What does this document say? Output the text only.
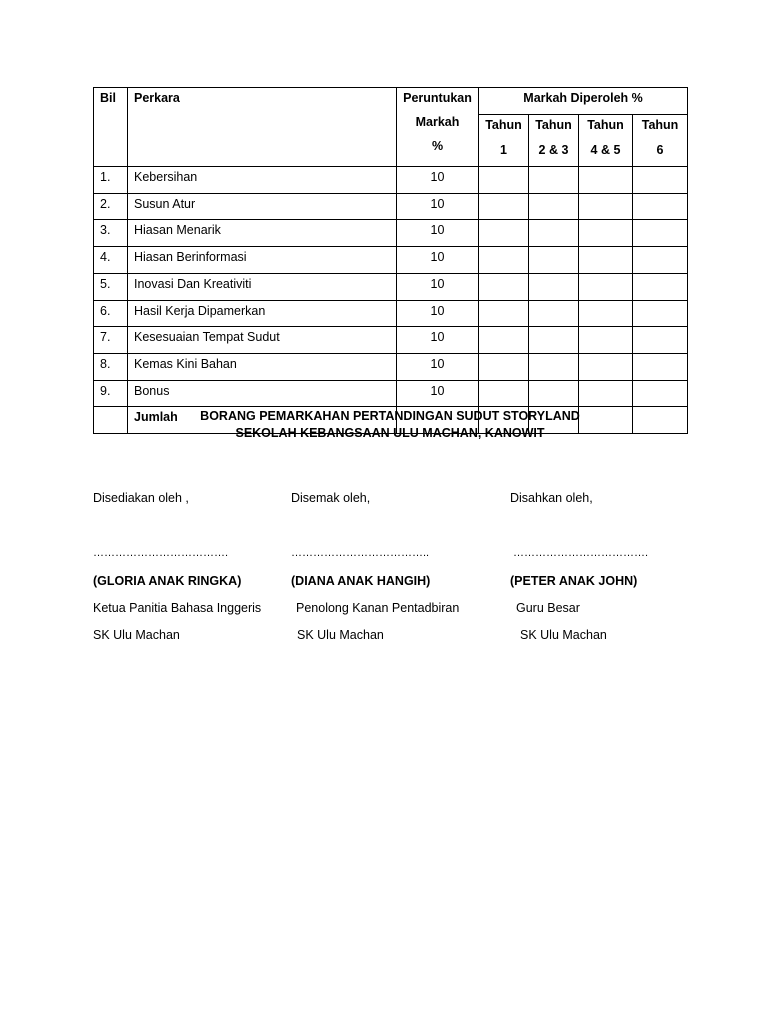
Bil	Perkara	Peruntukan
Markah
%	Markah Diperoleh %			
			Tahun	Tahun	Tahun	Tahun
			1	2 & 3	4 & 5	6
1.	Kebersihan	10				
2.	Susun Atur	10				
3.	Hiasan Menarik	10				
4.	Hiasan Berinformasi	10				
5.	Inovasi Dan Kreativiti	10				
6.	Hasil Kerja Dipamerkan	10				
7.	Kesesuaian Tempat Sudut	10				
8.	Kemas Kini Bahan	10				
9.	Bonus	10				
	Jumlah						BORANG PEMARKAHAN PERTANDINGAN SUDUT STORYLAND
SEKOLAH KEBANGSAAN ULU MACHAN, KANOWIT
Disediakan oleh ,
……………………………….
(GLORIA ANAK RINGKA)
Ketua Panitia Bahasa Inggeris
SK Ulu Machan
Disemak oleh,
………………………………..
(DIANA ANAK HANGIH)
Penolong Kanan Pentadbiran
SK Ulu Machan
Disahkan oleh,
……………………………….
(PETER ANAK JOHN)
Guru Besar
SK Ulu Machan
